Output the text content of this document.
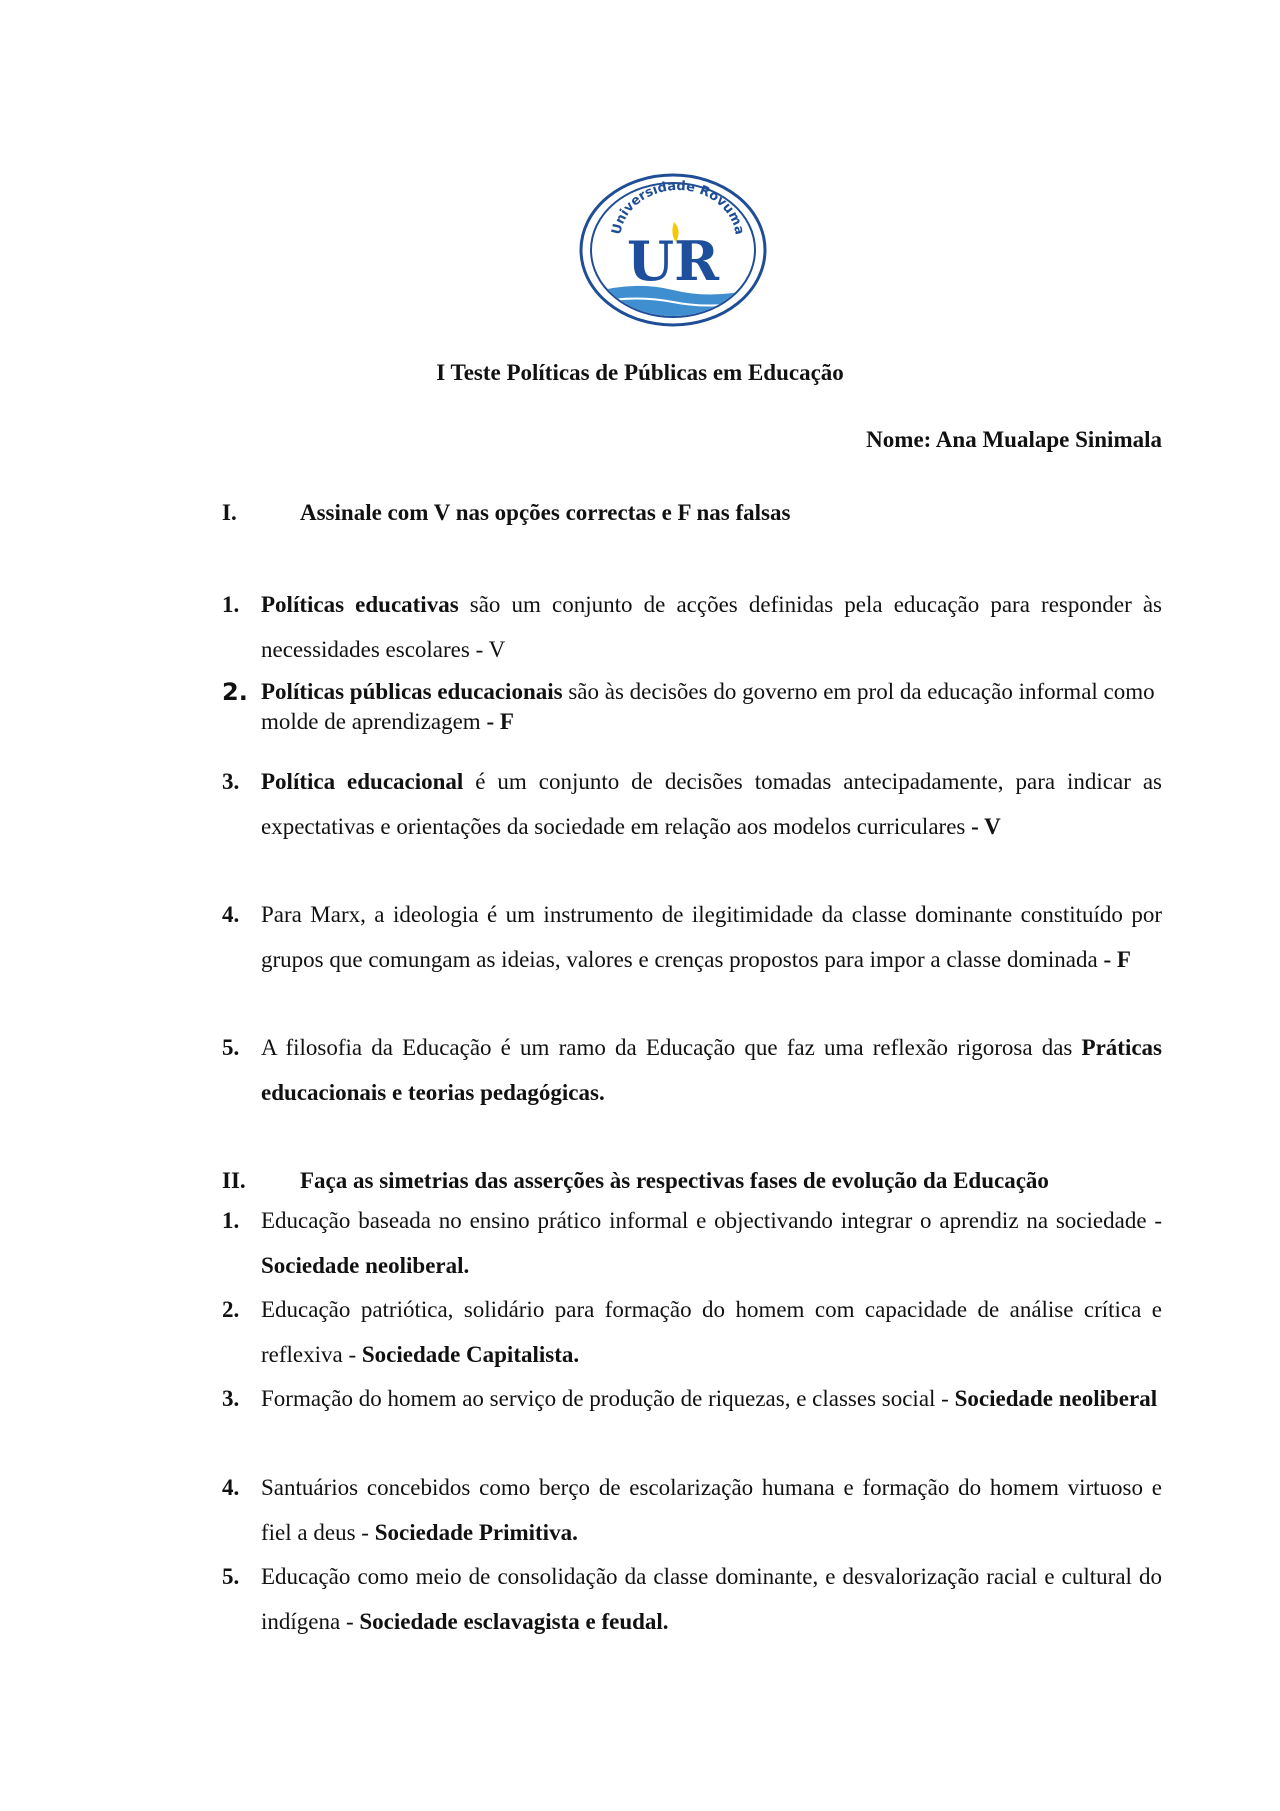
Universidade Rovuma
UR
I Teste Políticas de Públicas em Educação
Nome: Ana Mualape Sinimala
I.	Assinale com V nas opções correctas e F nas falsas
1. Políticas educativas são um conjunto de acções definidas pela educação para responder às necessidades escolares - V
2. Políticas públicas educacionais são às decisões do governo em prol da educação informal como molde de aprendizagem - F
3. Política educacional é um conjunto de decisões tomadas antecipadamente, para indicar as expectativas e orientações da sociedade em relação aos modelos curriculares - V
4. Para Marx, a ideologia é um instrumento de ilegitimidade da classe dominante constituído por grupos que comungam as ideias, valores e crenças propostos para impor a classe dominada - F
5. A filosofia da Educação é um ramo da Educação que faz uma reflexão rigorosa das Práticas educacionais e teorias pedagógicas.
II. Faça as simetrias das asserções às respectivas fases de evolução da Educação
1. Educação baseada no ensino prático informal e objectivando integrar o aprendiz na sociedade - Sociedade neoliberal.
2. Educação patriótica, solidário para formação do homem com capacidade de análise crítica e reflexiva - Sociedade Capitalista.
3. Formação do homem ao serviço de produção de riquezas, e classes social - Sociedade neoliberal
4. Santuários concebidos como berço de escolarização humana e formação do homem virtuoso e fiel a deus - Sociedade Primitiva.
5. Educação como meio de consolidação da classe dominante, e desvalorização racial e cultural do indígena - Sociedade esclavagista e feudal.
